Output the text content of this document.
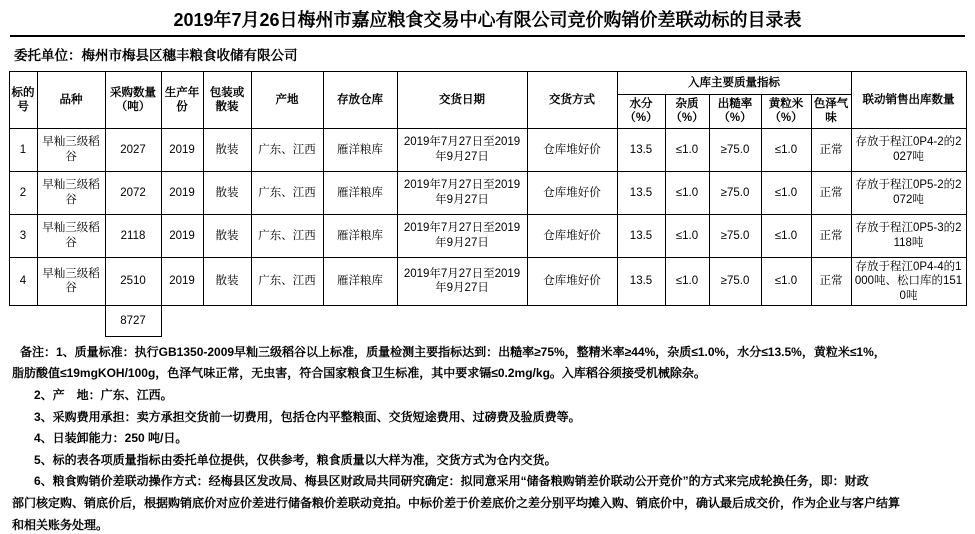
2019年7月26日梅州市嘉应粮食交易中心有限公司竞价购销价差联动标的目录表
委托单位：梅州市梅县区穗丰粮食收储有限公司
标的号	品种	采购数量（吨）	生产年份	包装或散装	产地	存放仓库	交货日期	交货方式	入库主要质量指标					联动销售出库数量
									水分（%）	杂质（%）	出糙率（%）	黄粒米（%）	色泽气味	
1	早籼三级稻谷	2027	2019	散装	广东、江西	雁洋粮库	2019年7月27日至2019年9月27日	仓库堆好价	13.5	≤1.0	≥75.0	≤1.0	正常	存放于程江0P4-2的2027吨
2	早籼三级稻谷	2072	2019	散装	广东、江西	雁洋粮库	2019年7月27日至2019年9月27日	仓库堆好价	13.5	≤1.0	≥75.0	≤1.0	正常	存放于程江0P5-2的2072吨
3	早籼三级稻谷	2118	2019	散装	广东、江西	雁洋粮库	2019年7月27日至2019年9月27日	仓库堆好价	13.5	≤1.0	≥75.0	≤1.0	正常	存放于程江0P5-3的2118吨
4	早籼三级稻谷	2510	2019	散装	广东、江西	雁洋粮库	2019年7月27日至2019年9月27日	仓库堆好价	13.5	≤1.0	≥75.0	≤1.0	正常	存放于程江0P4-4的1000吨、松口库的1510吨
		8727												

备注：1、质量标准：执行GB1350-2009早籼三级稻谷以上标准，质量检测主要指标达到：出糙率≥75%，整精米率≥44%，杂质≤1.0%，水分≤13.5%，黄粒米≤1%，

脂肪酸值≤19mgKOH/100g，色泽气味正常，无虫害，符合国家粮食卫生标准，其中要求镉≤0.2mg/kg。入库稻谷须接受机械除杂。

2、产　地：广东、江西。

3、采购费用承担：卖方承担交货前一切费用，包括仓内平整粮面、交货短途费用、过磅费及验质费等。

4、日装卸能力：250 吨/日。

5、标的表各项质量指标由委托单位提供，仅供参考，粮食质量以大样为准，交货方式为仓内交货。

6、粮食购销价差联动操作方式：经梅县区发改局、梅县区财政局共同研究确定：拟同意采用“储备粮购销差价联动公开竞价”的方式来完成轮换任务，即：财政

部门核定购、销底价后，根据购销底价对应价差进行储备粮价差联动竞拍。中标价差于价差底价之差分别平均摊入购、销底价中，确认最后成交价，作为企业与客户结算

和相关账务处理。
